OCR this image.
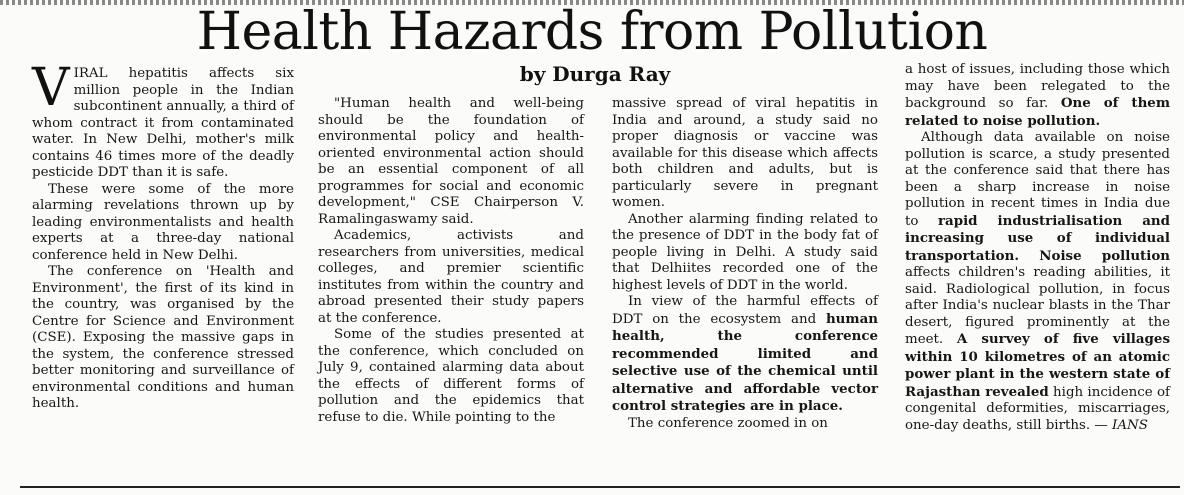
Health Hazards from Pollution
by Durga Ray

VIRAL hepatitis affects six million people in the Indian subcontinent annually, a third of whom contract it from contaminated water. In New Delhi, mother's milk contains 46 times more of the deadly pesticide DDT than it is safe.

These were some of the more alarming revelations thrown up by leading environmentalists and health experts at a three-day national conference held in New Delhi.

The conference on 'Health and Environment', the first of its kind in the country, was organised by the Centre for Science and Environment (CSE). Exposing the massive gaps in the system, the conference stressed better monitoring and surveillance of environmental conditions and human health.

"Human health and well-being should be the foundation of environmental policy and health-oriented environmental action should be an essential component of all programmes for social and economic development," CSE Chairperson V. Ramalingaswamy said.

Academics, activists and researchers from universities, medical colleges, and premier scientific institutes from within the country and abroad presented their study papers at the conference.

Some of the studies presented at the conference, which concluded on July 9, contained alarming data about the effects of different forms of pollution and the epidemics that refuse to die. While pointing to the

massive spread of viral hepatitis in India and around, a study said no proper diagnosis or vaccine was available for this disease which affects both children and adults, but is particularly severe in pregnant women.

Another alarming finding related to the presence of DDT in the body fat of people living in Delhi. A study said that Delhiites recorded one of the highest levels of DDT in the world.

In view of the harmful effects of DDT on the ecosystem and human health, the conference recommended limited and selective use of the chemical until alternative and affordable vector control strategies are in place.

The conference zoomed in on

a host of issues, including those which may have been relegated to the background so far. One of them related to noise pollution.

Although data available on noise pollution is scarce, a study presented at the conference said that there has been a sharp increase in noise pollution in recent times in India due to rapid industrialisation and increasing use of individual transportation. Noise pollution affects children's reading abilities, it said. Radiological pollution, in focus after India's nuclear blasts in the Thar desert, figured prominently at the meet. A survey of five villages within 10 kilometres of an atomic power plant in the western state of Rajasthan revealed high incidence of congenital deformities, miscarriages, one-day deaths, still births. — IANS
